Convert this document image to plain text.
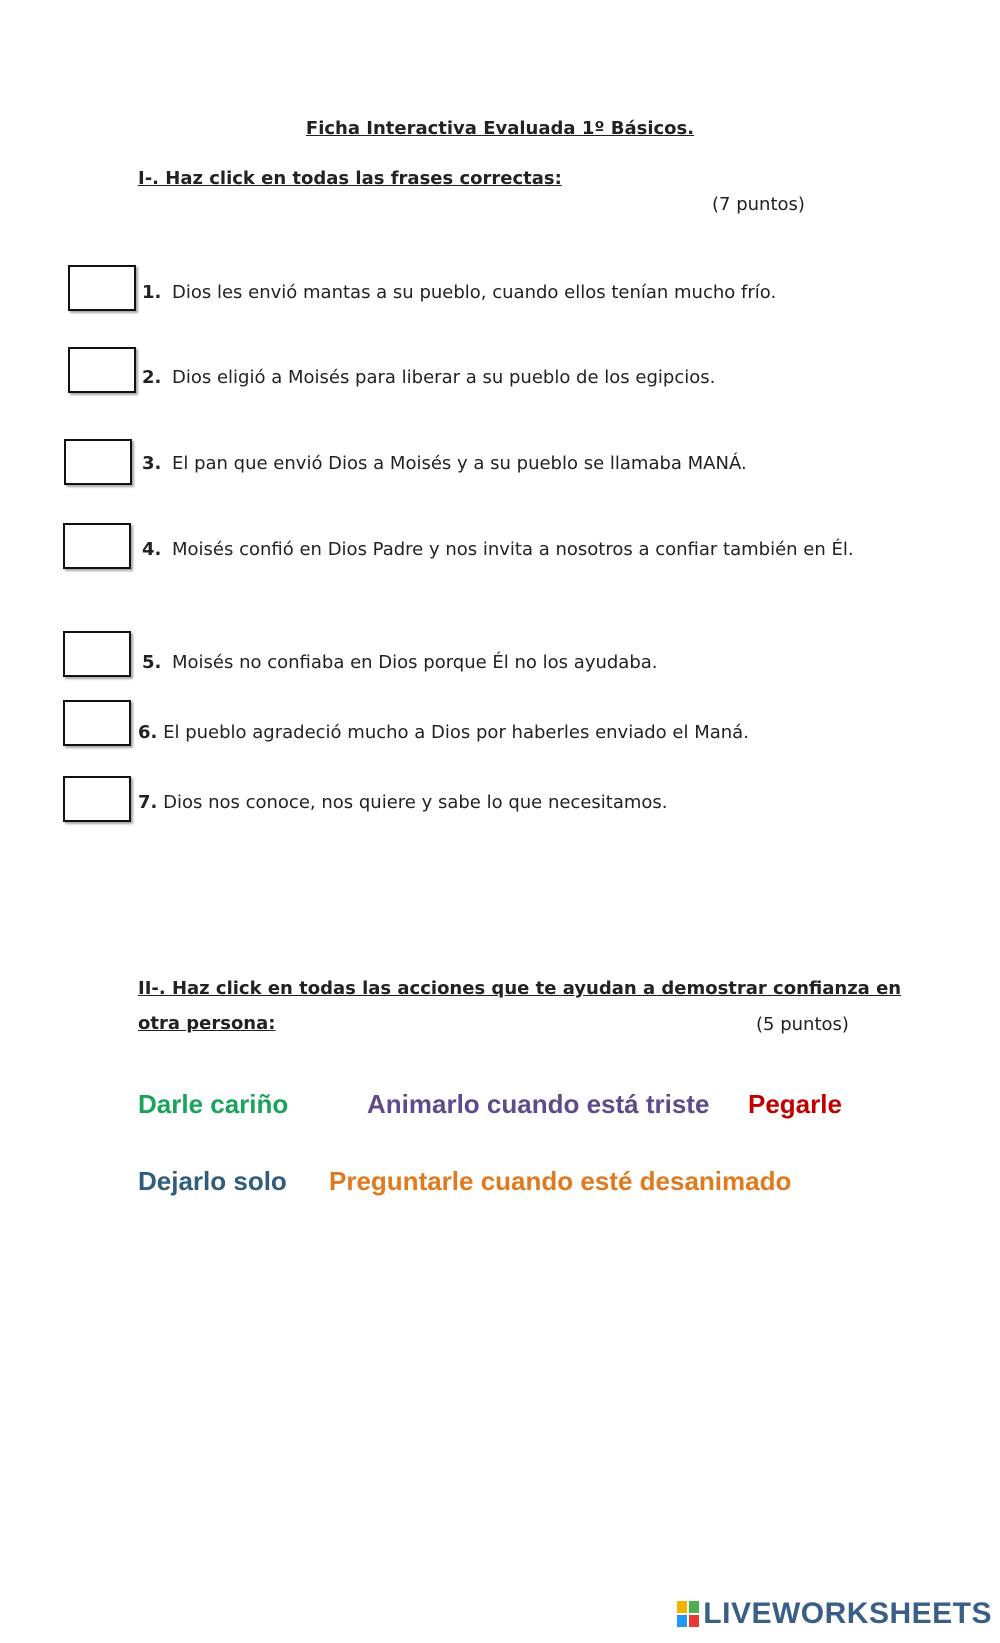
Ficha Interactiva Evaluada 1º Básicos.
I-. Haz click en todas las frases correctas:
(7 puntos)
1. Dios les envió mantas a su pueblo, cuando ellos tenían mucho frío.
2. Dios eligió a Moisés para liberar a su pueblo de los egipcios.
3. El pan que envió Dios a Moisés y a su pueblo se llamaba MANÁ.
4. Moisés confió en Dios Padre y nos invita a nosotros a confiar también en Él.
5. Moisés no confiaba en Dios porque Él no los ayudaba.
6. El pueblo agradeció mucho a Dios por haberles enviado el Maná.
7. Dios nos conoce, nos quiere y sabe lo que necesitamos.
II-. Haz click en todas las acciones que te ayudan a demostrar confianza en
otra persona:	(5 puntos)
Darle cariño	Animarlo cuando está triste Pegarle
Dejarlo solo Preguntarle cuando esté desanimado
LIVEWORKSHEETS
